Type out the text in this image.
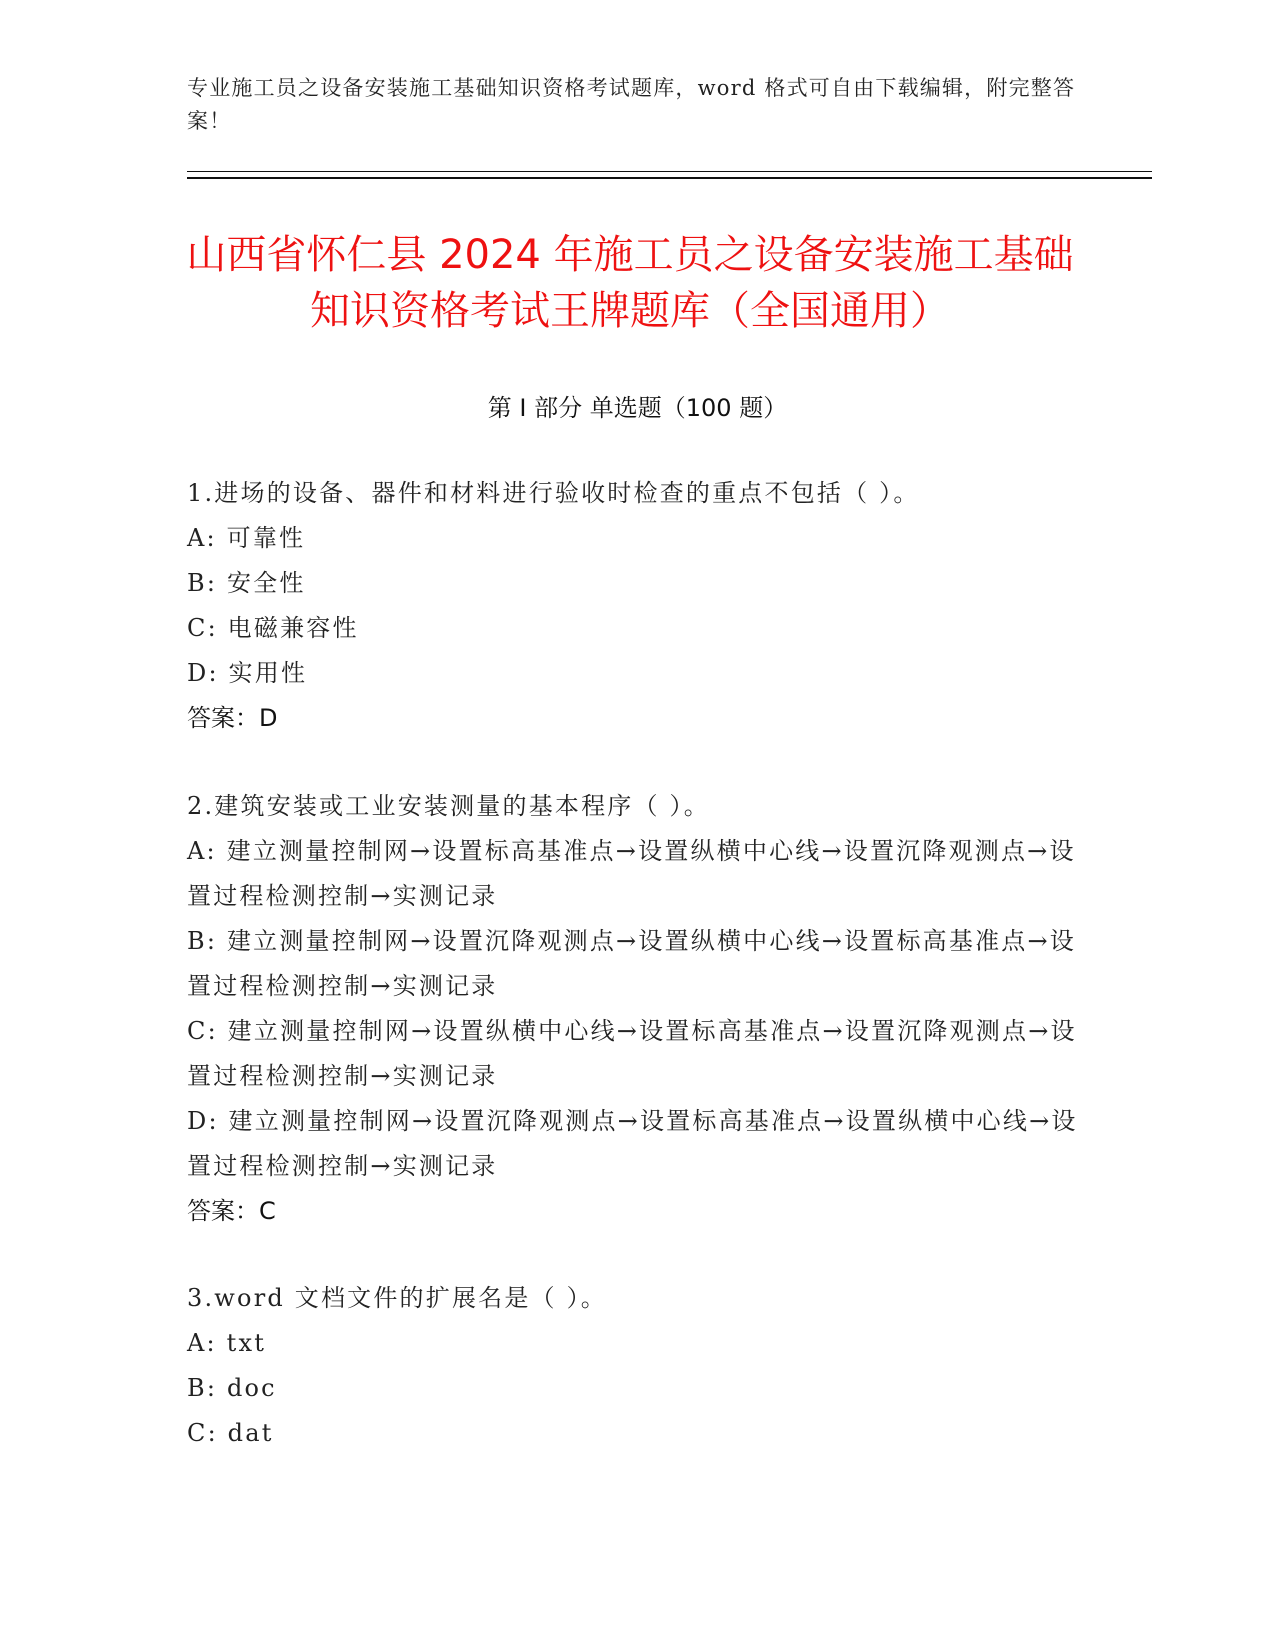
专业施工员之设备安装施工基础知识资格考试题库，word 格式可自由下载编辑，附完整答案！
山西省怀仁县 2024 年施工员之设备安装施工基础知识资格考试王牌题库（全国通用）
第 I 部分 单选题（100 题）
1.进场的设备、器件和材料进行验收时检查的重点不包括（ ）。
A: 可靠性
B: 安全性
C: 电磁兼容性
D: 实用性
答案：D
2.建筑安装或工业安装测量的基本程序（ ）。
A: 建立测量控制网→设置标高基准点→设置纵横中心线→设置沉降观测点→设置过程检测控制→实测记录
B: 建立测量控制网→设置沉降观测点→设置纵横中心线→设置标高基准点→设置过程检测控制→实测记录
C: 建立测量控制网→设置纵横中心线→设置标高基准点→设置沉降观测点→设置过程检测控制→实测记录
D: 建立测量控制网→设置沉降观测点→设置标高基准点→设置纵横中心线→设置过程检测控制→实测记录
答案：C
3.word 文档文件的扩展名是（ ）。
A: txt
B: doc
C: dat
